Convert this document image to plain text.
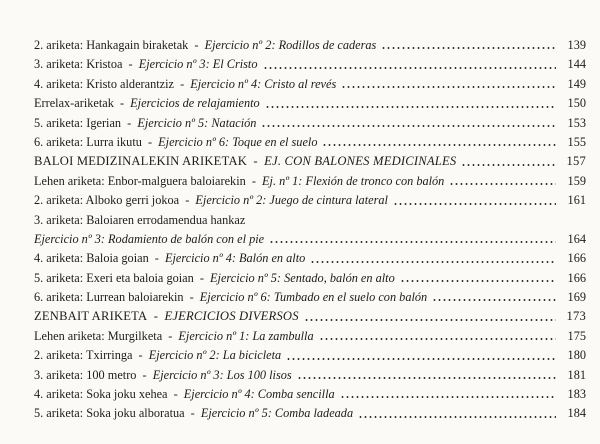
2. ariketa: Hankagain biraketak - Ejercicio nº 2: Rodillos de caderas	139
3. ariketa: Kristoa - Ejercicio nº 3: El Cristo	144
4. ariketa: Kristo alderantziz - Ejercicio nº 4: Cristo al revés	149
Errelax-ariketak - Ejercicios de relajamiento	150
5. ariketa: Igerian - Ejercicio nº 5: Natación	153
6. ariketa: Lurra ikutu - Ejercicio nº 6: Toque en el suelo	155
BALOI MEDIZINALEKIN ARIKETAK - EJ. CON BALONES MEDICINALES	157
Lehen ariketa: Enbor-malguera baloiarekin - Ej. nº 1: Flexión de tronco con balón	159
2. ariketa: Alboko gerri jokoa - Ejercicio nº 2: Juego de cintura lateral	161
3. ariketa: Baloiaren errodamendua hankaz
Ejercicio nº 3: Rodamiento de balón con el pie	164
4. ariketa: Baloia goian - Ejercicio nº 4: Balón en alto	166
5. ariketa: Exeri eta baloia goian - Ejercicio nº 5: Sentado, balón en alto	166
6. ariketa: Lurrean baloiarekin - Ejercicio nº 6: Tumbado en el suelo con balón	169
ZENBAIT ARIKETA - EJERCICIOS DIVERSOS	173
Lehen ariketa: Murgilketa - Ejercicio nº 1: La zambulla	175
2. ariketa: Txirringa - Ejercicio nº 2: La bicicleta	180
3. ariketa: 100 metro - Ejercicio nº 3: Los 100 lisos	181
4. ariketa: Soka joku xehea - Ejercicio nº 4: Comba sencilla	183
5. ariketa: Soka joku alboratua - Ejercicio nº 5: Comba ladeada	184
